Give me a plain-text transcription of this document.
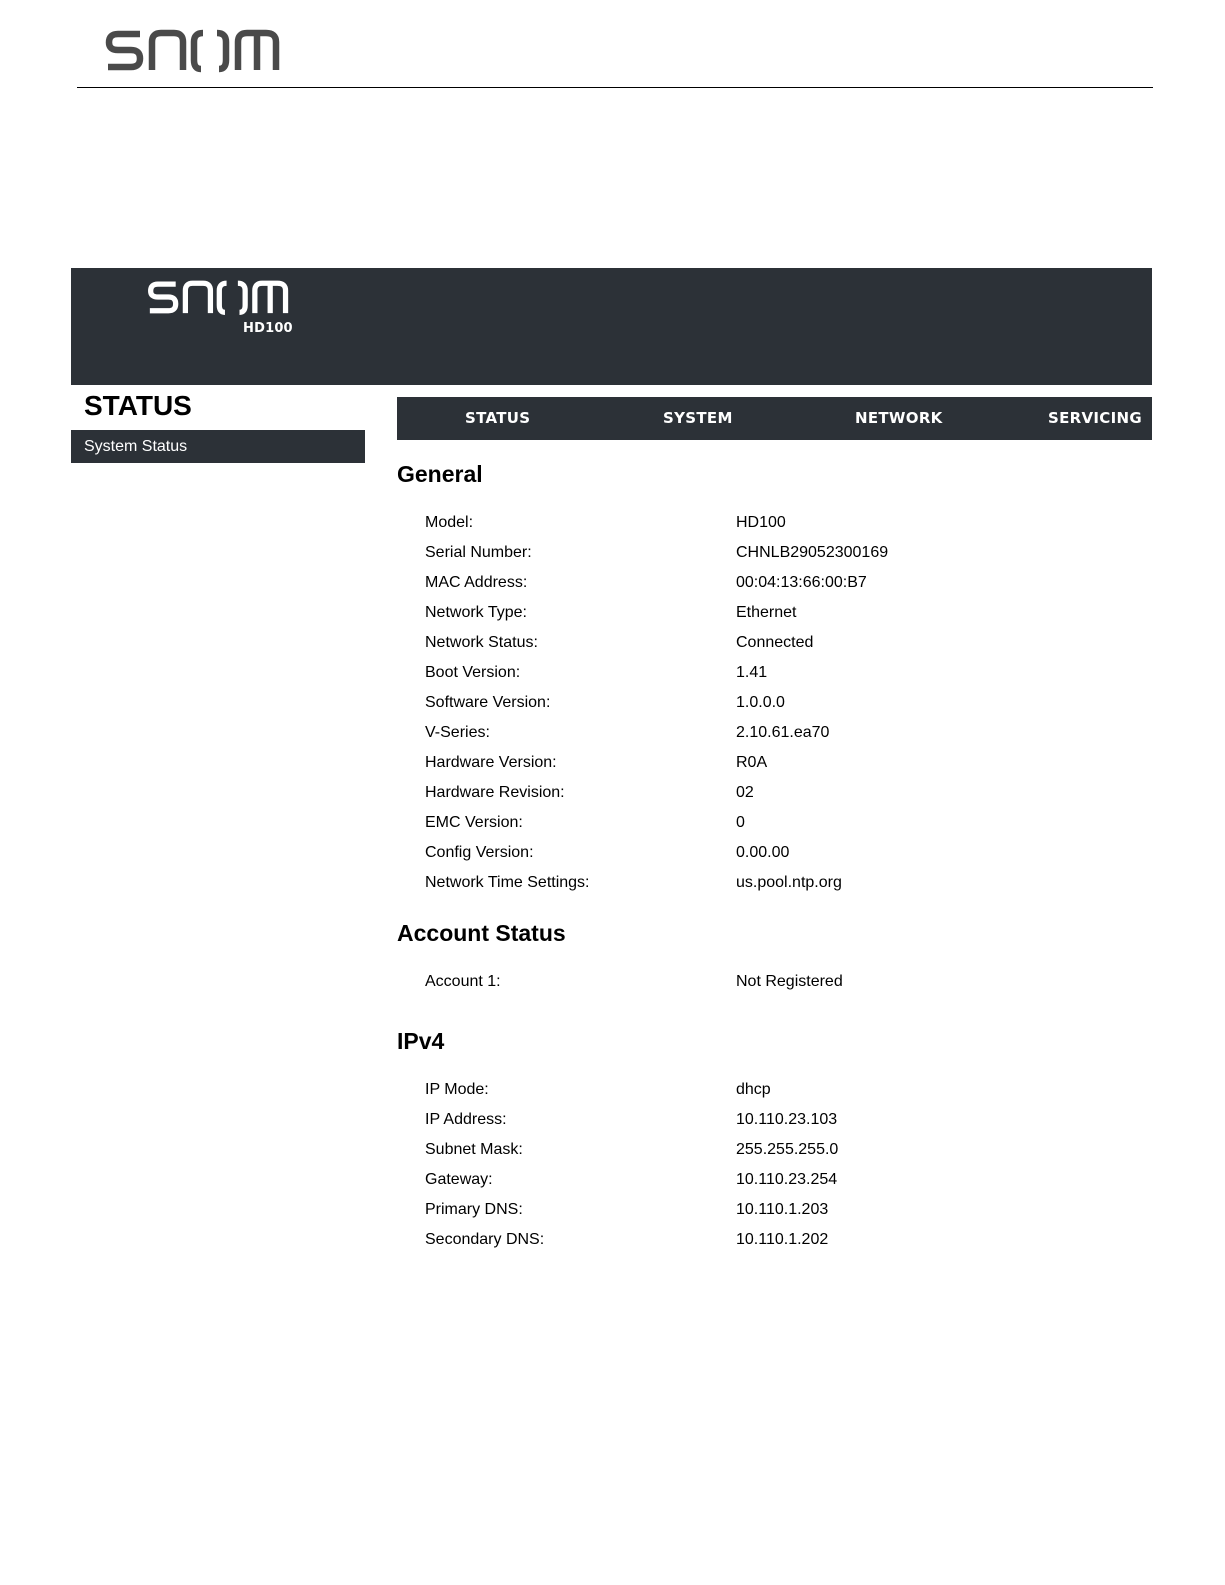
HD100
STATUS
System Status
STATUS	SYSTEM	NETWORK	SERVICING
General
Model:	HD100
Serial Number:	CHNLB29052300169
MAC Address:	00:04:13:66:00:B7
Network Type:	Ethernet
Network Status:	Connected
Boot Version:	1.41
Software Version:	1.0.0.0
V-Series:	2.10.61.ea70
Hardware Version:	R0A
Hardware Revision:	02
EMC Version:	0
Config Version:	0.00.00
Network Time Settings:	us.pool.ntp.org
Account Status
Account 1:	Not Registered
IPv4
IP Mode:	dhcp
IP Address:	10.110.23.103
Subnet Mask:	255.255.255.0
Gateway:	10.110.23.254
Primary DNS:	10.110.1.203
Secondary DNS:	10.110.1.202
